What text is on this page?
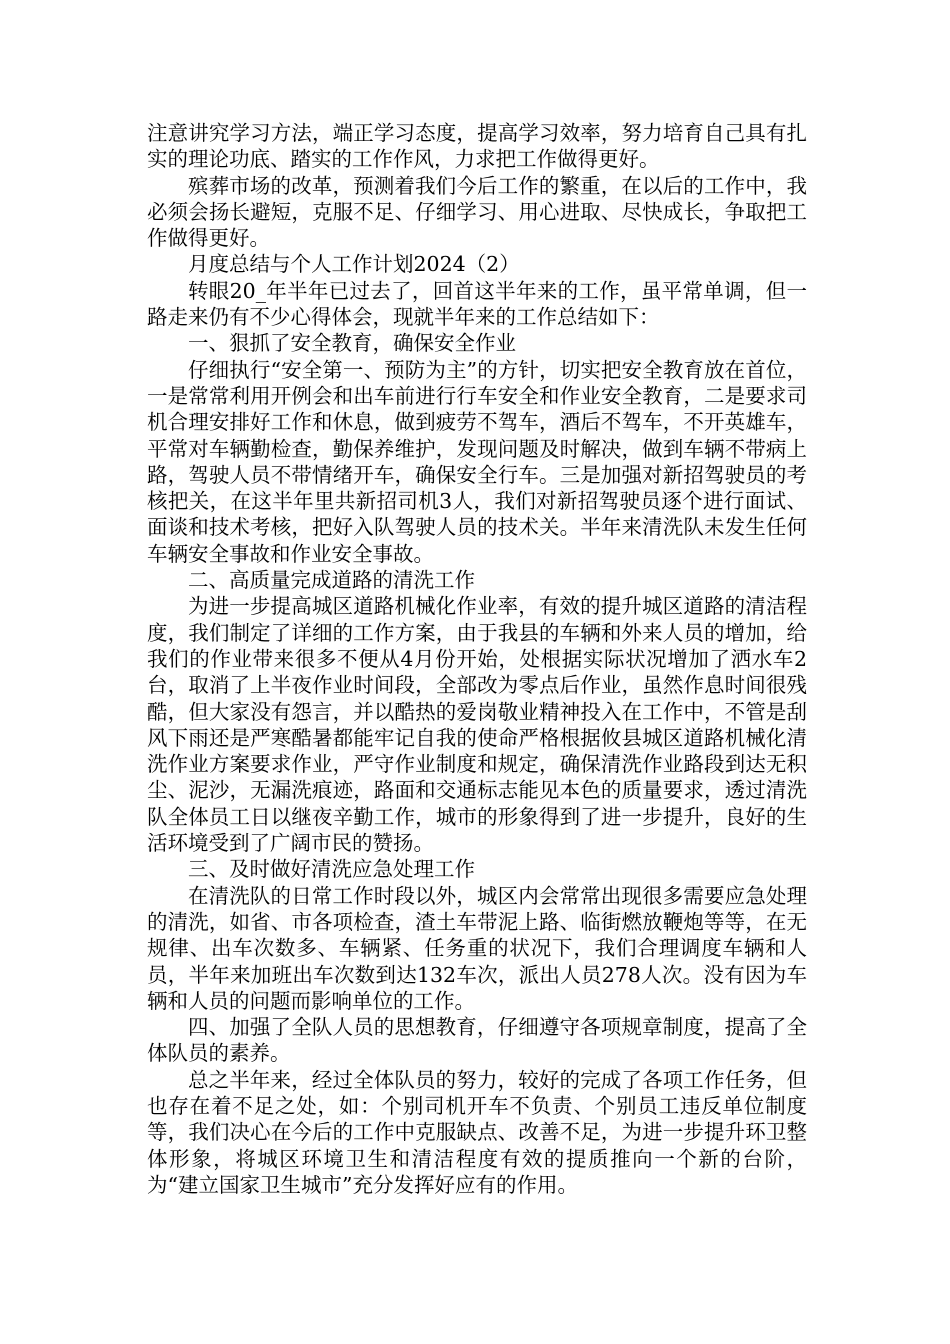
注意讲究学习方法，端正学习态度，提高学习效率，努力培育自己具有扎实的理论功底、踏实的工作作风，力求把工作做得更好。

殡葬市场的改革，预测着我们今后工作的繁重，在以后的工作中，我必须会扬长避短，克服不足、仔细学习、用心进取、尽快成长，争取把工作做得更好。

月度总结与个人工作计划2024（2）

转眼20_年半年已过去了，回首这半年来的工作，虽平常单调，但一路走来仍有不少心得体会，现就半年来的工作总结如下：

一、狠抓了安全教育，确保安全作业

仔细执行“安全第一、预防为主”的方针，切实把安全教育放在首位，一是常常利用开例会和出车前进行行车安全和作业安全教育，二是要求司机合理安排好工作和休息，做到疲劳不驾车，酒后不驾车，不开英雄车，平常对车辆勤检查，勤保养维护，发现问题及时解决，做到车辆不带病上路，驾驶人员不带情绪开车，确保安全行车。三是加强对新招驾驶员的考核把关，在这半年里共新招司机3人，我们对新招驾驶员逐个进行面试、面谈和技术考核，把好入队驾驶人员的技术关。半年来清洗队未发生任何车辆安全事故和作业安全事故。

二、高质量完成道路的清洗工作

为进一步提高城区道路机械化作业率，有效的提升城区道路的清洁程度，我们制定了详细的工作方案，由于我县的车辆和外来人员的增加，给我们的作业带来很多不便从4月份开始，处根据实际状况增加了洒水车2台，取消了上半夜作业时间段，全部改为零点后作业，虽然作息时间很残酷，但大家没有怨言，并以酷热的爱岗敬业精神投入在工作中，不管是刮风下雨还是严寒酷暑都能牢记自我的使命严格根据攸县城区道路机械化清洗作业方案要求作业，严守作业制度和规定，确保清洗作业路段到达无积尘、泥沙，无漏洗痕迹，路面和交通标志能见本色的质量要求，透过清洗队全体员工日以继夜辛勤工作，城市的形象得到了进一步提升，良好的生活环境受到了广阔市民的赞扬。

三、及时做好清洗应急处理工作

在清洗队的日常工作时段以外，城区内会常常出现很多需要应急处理的清洗，如省、市各项检查，渣土车带泥上路、临街燃放鞭炮等等，在无规律、出车次数多、车辆紧、任务重的状况下，我们合理调度车辆和人员，半年来加班出车次数到达132车次，派出人员278人次。没有因为车辆和人员的问题而影响单位的工作。

四、加强了全队人员的思想教育，仔细遵守各项规章制度，提高了全体队员的素养。

总之半年来，经过全体队员的努力，较好的完成了各项工作任务，但也存在着不足之处，如：个别司机开车不负责、个别员工违反单位制度等，我们决心在今后的工作中克服缺点、改善不足，为进一步提升环卫整体形象，将城区环境卫生和清洁程度有效的提质推向一个新的台阶，为“建立国家卫生城市”充分发挥好应有的作用。
